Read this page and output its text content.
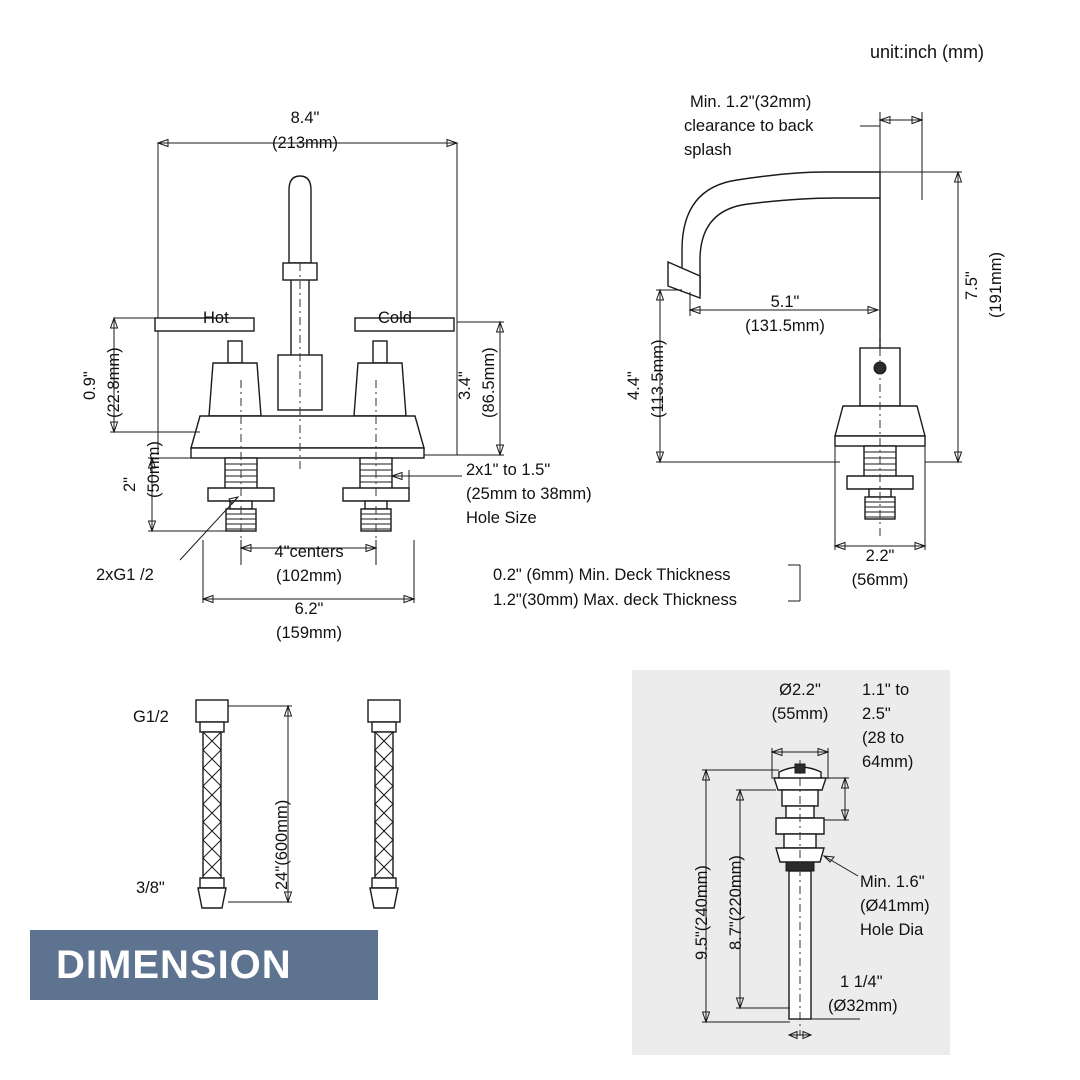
unit:inch (mm)
8.4"
(213mm)
Hot	Cold
0.9" (22.8mm)	3.4" (86.5mm)
2" (50mm)	2x1" to 1.5"
(25mm to 38mm)
Hole Size
2xG1 /2
4"centers
(102mm)
6.2"
(159mm)
0.2" (6mm) Min. Deck Thickness
1.2"(30mm) Max. deck Thickness
Min. 1.2"(32mm)
clearance to back
splash
5.1"
(131.5mm)
4.4" (113.5mm)
7.5" (191mm)
2.2"
(56mm)
G1/2
3/8"	24"(600mm)
Ø2.2"
(55mm)
1.1" to
2.5"
(28 to
64mm)
9.5"(240mm) 8.7"(220mm)	Min. 1.6"
(Ø41mm)
Hole Dia
1 1/4"
(Ø32mm)
DIMENSION
